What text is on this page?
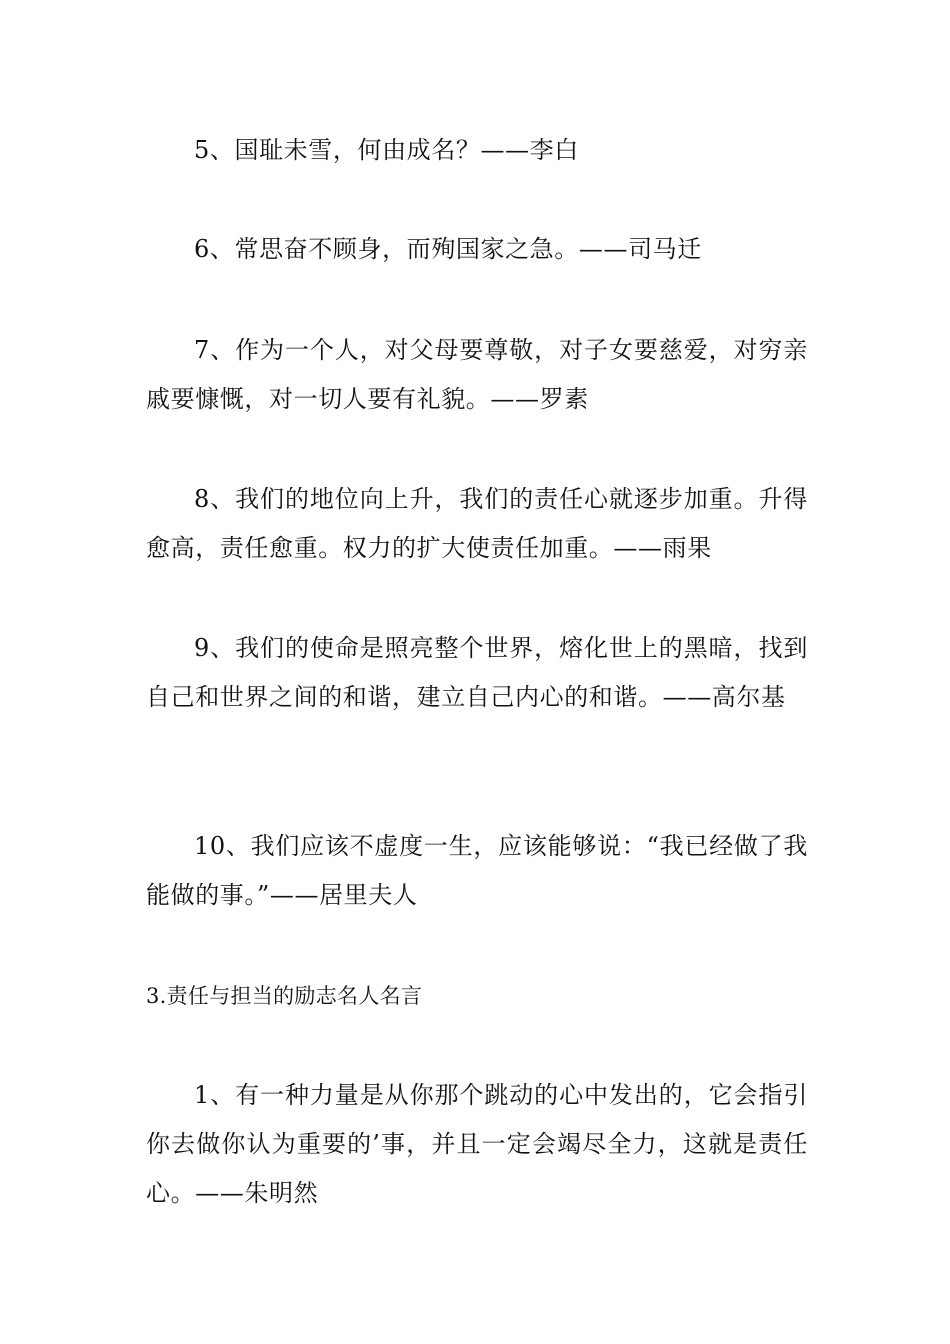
5、国耻未雪，何由成名？——李白

6、常思奋不顾身，而殉国家之急。——司马迁

7、作为一个人，对父母要尊敬，对子女要慈爱，对穷亲戚要慷慨，对一切人要有礼貌。——罗素

8、我们的地位向上升，我们的责任心就逐步加重。升得愈高，责任愈重。权力的扩大使责任加重。——雨果

9、我们的使命是照亮整个世界，熔化世上的黑暗，找到自己和世界之间的和谐，建立自己内心的和谐。——高尔基

10、我们应该不虚度一生，应该能够说：“我已经做了我能做的事。”——居里夫人

3.责任与担当的励志名人名言

1、有一种力量是从你那个跳动的心中发出的，它会指引你去做你认为重要的’事，并且一定会竭尽全力，这就是责任心。——朱明然
